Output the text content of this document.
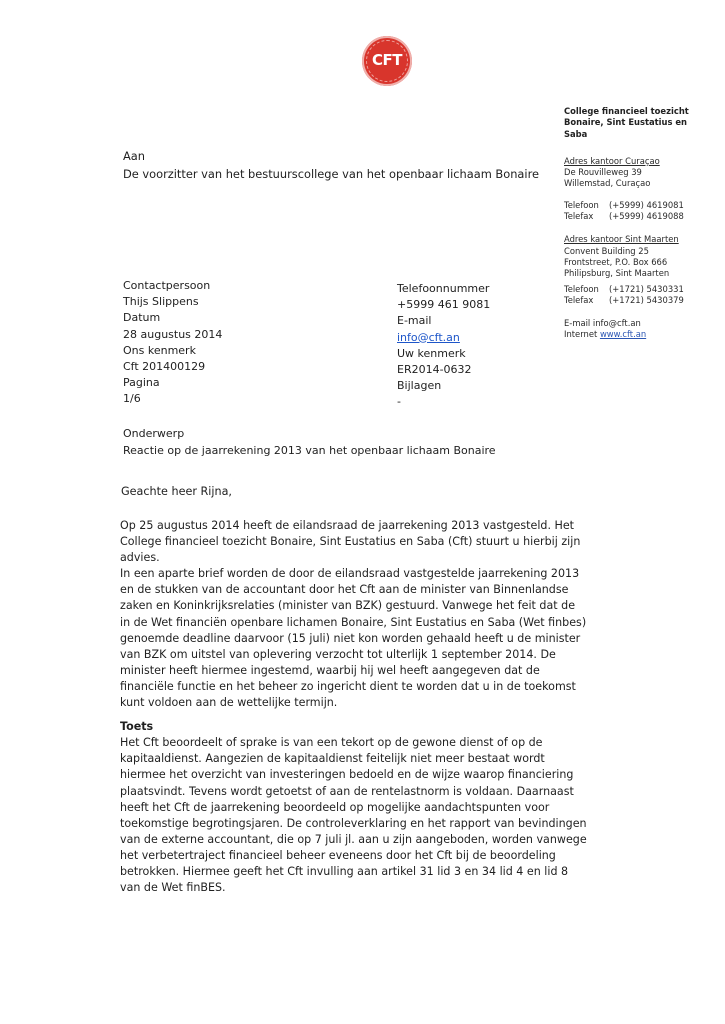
CFT
College financieel toezicht
Bonaire, Sint Eustatius en
Saba
Adres kantoor Curaçao
De Rouvilleweg 39
Willemstad, Curaçao
Telefoon	(+5999) 4619081
Telefax	(+5999) 4619088
Adres kantoor Sint Maarten
Convent Building 25
Frontstreet, P.O. Box 666
Philipsburg, Sint Maarten
Telefoon	(+1721) 5430331
Telefax	(+1721) 5430379
E-mail info@cft.an
Internet www.cft.an
Aan
De voorzitter van het bestuurscollege van het openbaar lichaam Bonaire
Contactpersoon
Thijs Slippens
Datum
28 augustus 2014
Ons kenmerk
Cft 201400129
Pagina
1/6
Telefoonnummer
+5999 461 9081
E-mail
info@cft.an
Uw kenmerk
ER2014-0632
Bijlagen
-
Onderwerp
Reactie op de jaarrekening 2013 van het openbaar lichaam Bonaire
Geachte heer Rijna,

Op 25 augustus 2014 heeft de eilandsraad de jaarrekening 2013 vastgesteld. Het College financieel toezicht Bonaire, Sint Eustatius en Saba (Cft) stuurt u hierbij zijn advies.

In een aparte brief worden de door de eilandsraad vastgestelde jaarrekening 2013 en de stukken van de accountant door het Cft aan de minister van Binnenlandse zaken en Koninkrijksrelaties (minister van BZK) gestuurd. Vanwege het feit dat de in de Wet financiën openbare lichamen Bonaire, Sint Eustatius en Saba (Wet finbes) genoemde deadline daarvoor (15 juli) niet kon worden gehaald heeft u de minister van BZK om uitstel van oplevering verzocht tot ulterlijk 1 september 2014. De minister heeft hiermee ingestemd, waarbij hij wel heeft aangegeven dat de financiële functie en het beheer zo ingericht dient te worden dat u in de toekomst kunt voldoen aan de wettelijke termijn.

Toets

Het Cft beoordeelt of sprake is van een tekort op de gewone dienst of op de kapitaaldienst. Aangezien de kapitaaldienst feitelijk niet meer bestaat wordt hiermee het overzicht van investeringen bedoeld en de wijze waarop financiering plaatsvindt. Tevens wordt getoetst of aan de rentelastnorm is voldaan. Daarnaast heeft het Cft de jaarrekening beoordeeld op mogelijke aandachtspunten voor toekomstige begrotingsjaren. De controleverklaring en het rapport van bevindingen van de externe accountant, die op 7 juli jl. aan u zijn aangeboden, worden vanwege het verbetertraject financieel beheer eveneens door het Cft bij de beoordeling betrokken. Hiermee geeft het Cft invulling aan artikel 31 lid 3 en 34 lid 4 en lid 8 van de Wet finBES.
